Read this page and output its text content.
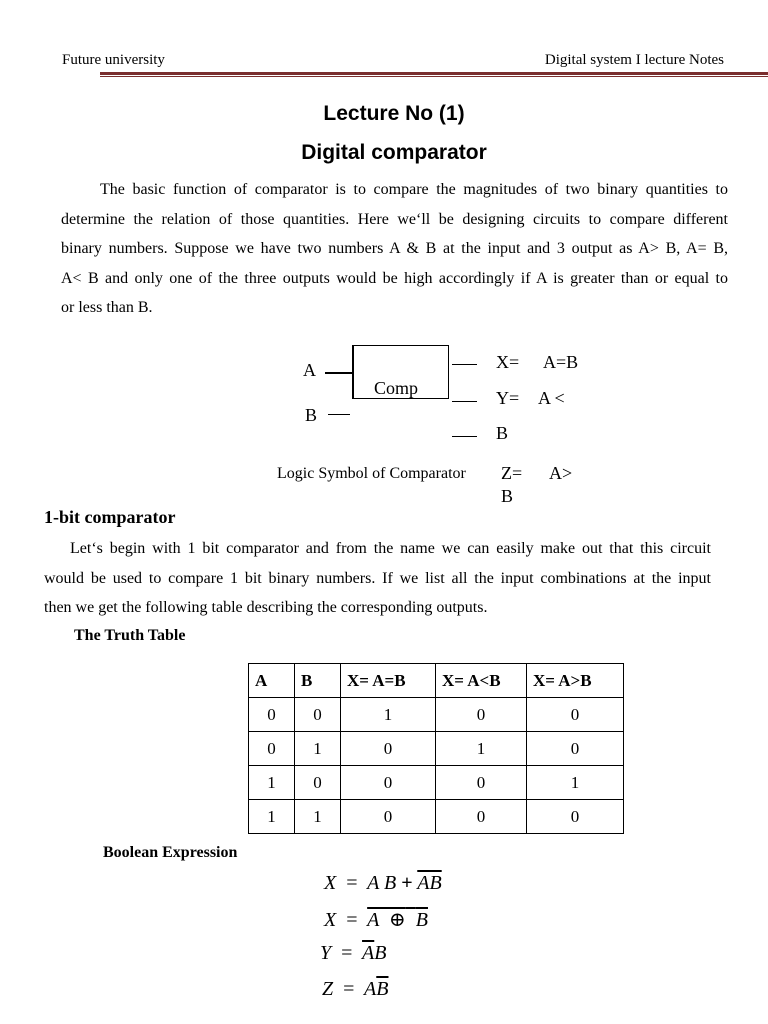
Future university	Digital system I lecture Notes
Lecture No (1)
Digital comparator
The basic function of comparator is to compare the magnitudes of two binary quantities to
determine the relation of those quantities. Here we‘ll be designing circuits to compare different
binary numbers. Suppose we have two numbers A & B at the input and 3 output as A> B, A= B,
A< B and only one of the three outputs would be high accordingly if A is greater than or equal to
or less than B.
A
B
Comp
X= A=B
Y= A <
B
Logic Symbol of Comparator Z= A>
B
1-bit comparator
Let‘s begin with 1 bit comparator and from the name we can easily make out that this circuit
would be used to compare 1 bit binary numbers. If we list all the input combinations at the input
then we get the following table describing the corresponding outputs.
The Truth Table
A	B	X= A=B	X= A<B	X= A>B
0	0	1	0	0
0	1	0	1	0
1	0	0	0	1
1	1	0	0	0
Boolean Expression
X = A $B + \overline{A}\overline{B}$
X = A ⊕ B
$Y = \overline{A}B$
$Z = A\overline{B}$
